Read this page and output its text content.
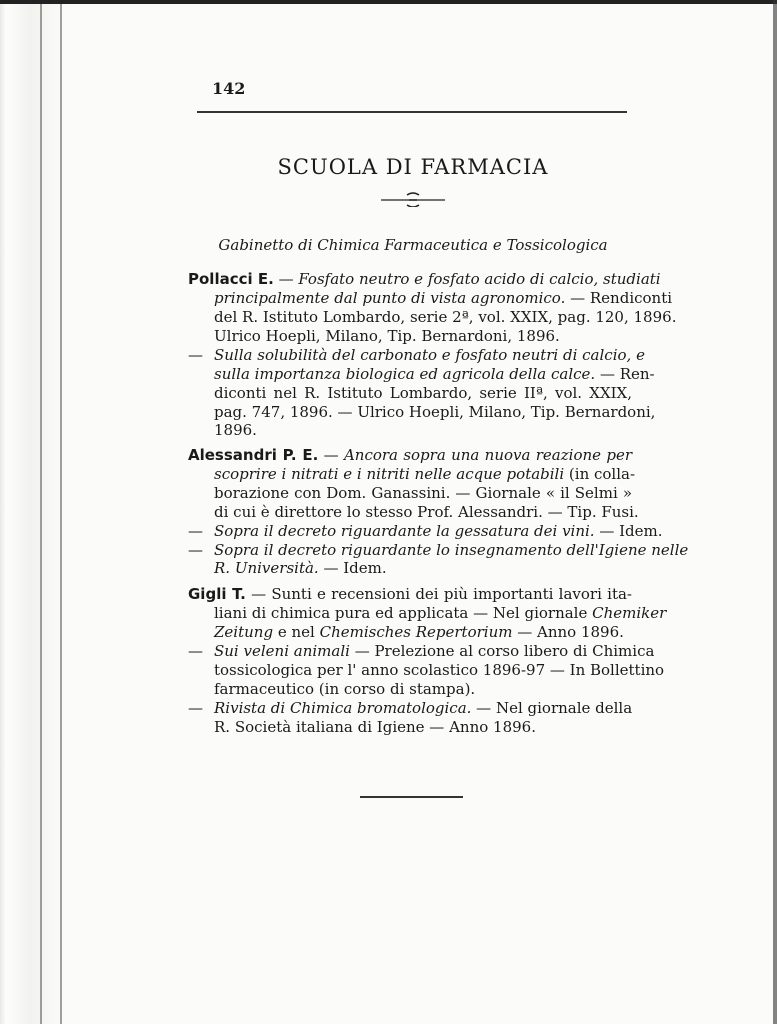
142
SCUOLA DI FARMACIA
Gabinetto di Chimica Farmaceutica e Tossicologica
Pollacci E. — Fosfato neutro e fosfato acido di calcio, studiati
principalmente dal punto di vista agronomico. — Rendiconti
del R. Istituto Lombardo, serie 2ª, vol. XXIX, pag. 120, 1896.
Ulrico Hoepli, Milano, Tip. Bernardoni, 1896.
— Sulla solubilità del carbonato e fosfato neutri di calcio, e
sulla importanza biologica ed agricola della calce. — Ren-
diconti nel R. Istituto Lombardo, serie IIª, vol. XXIX,
pag. 747, 1896. — Ulrico Hoepli, Milano, Tip. Bernardoni,
1896.
Alessandri P. E. — Ancora sopra una nuova reazione per
scoprire i nitrati e i nitriti nelle acque potabili (in colla-
borazione con Dom. Ganassini. — Giornale « il Selmi »
di cui è direttore lo stesso Prof. Alessandri. — Tip. Fusi.
— Sopra il decreto riguardante la gessatura dei vini. — Idem.
— Sopra il decreto riguardante lo insegnamento dell'Igiene nelle
R. Università. — Idem.
Gigli T. — Sunti e recensioni dei più importanti lavori ita-
liani di chimica pura ed applicata — Nel giornale Chemiker
Zeitung e nel Chemisches Repertorium — Anno 1896.
— Sui veleni animali — Prelezione al corso libero di Chimica
tossicologica per l' anno scolastico 1896-97 — In Bollettino
farmaceutico (in corso di stampa).
— Rivista di Chimica bromatologica. — Nel giornale della
R. Società italiana di Igiene — Anno 1896.
